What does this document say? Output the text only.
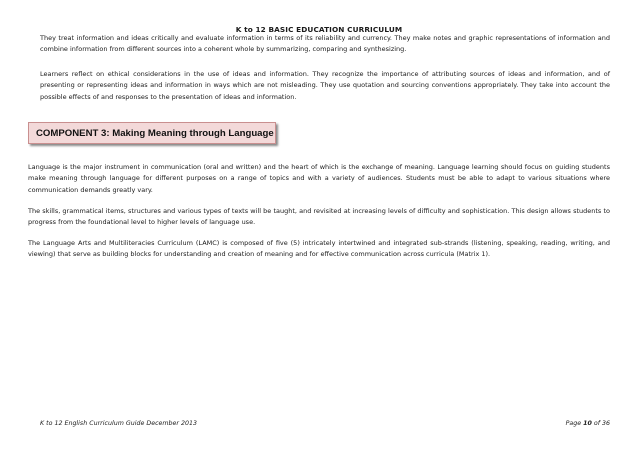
K to 12 BASIC EDUCATION CURRICULUM

They treat information and ideas critically and evaluate information in terms of its reliability and currency. They make notes and graphic representations of information and combine information from different sources into a coherent whole by summarizing, comparing and synthesizing.

Learners reflect on ethical considerations in the use of ideas and information. They recognize the importance of attributing sources of ideas and information, and of presenting or representing ideas and information in ways which are not misleading. They use quotation and sourcing conventions appropriately. They take into account the possible effects of and responses to the presentation of ideas and information.

COMPONENT 3: Making Meaning through Language

Language is the major instrument in communication (oral and written) and the heart of which is the exchange of meaning. Language learning should focus on guiding students make meaning through language for different purposes on a range of topics and with a variety of audiences. Students must be able to adapt to various situations where communication demands greatly vary.

The skills, grammatical items, structures and various types of texts will be taught, and revisited at increasing levels of difficulty and sophistication. This design allows students to progress from the foundational level to higher levels of language use.

The Language Arts and Multiliteracies Curriculum (LAMC) is composed of five (5) intricately intertwined and integrated sub-strands (listening, speaking, reading, writing, and viewing) that serve as building blocks for understanding and creation of meaning and for effective communication across curricula (Matrix 1).

K to 12 English Curriculum Guide December 2013	Page 10 of 36
